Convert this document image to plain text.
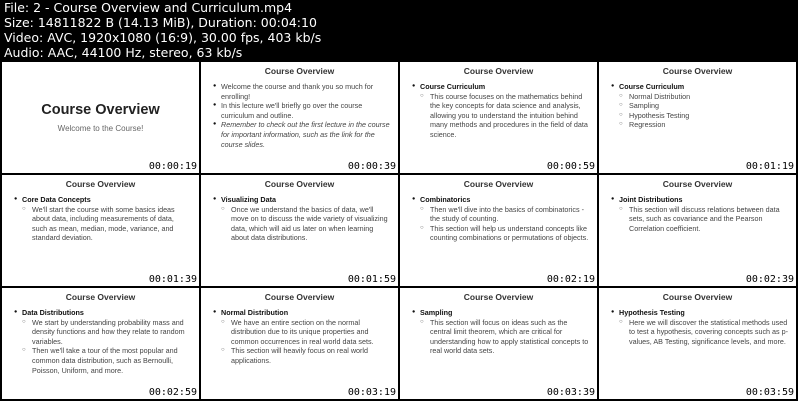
File: 2 - Course Overview and Curriculum.mp4
Size: 14811822 B (14.13 MiB), Duration: 00:04:10
Video: AVC, 1920x1080 (16:9), 30.00 fps, 403 kb/s
Audio: AAC, 44100 Hz, stereo, 63 kb/s
Course Overview
Welcome to the Course!
00:00:19
Course Overview
● Welcome the course and thank you so much for enrolling!
● In this lecture we'll briefly go over the course curriculum and outline.
● Remember to check out the first lecture in the course for important information, such as the link for the course slides.
00:00:39
Course Overview
● Course Curriculum
○ This course focuses on the mathematics behind the key concepts for data science and analysis, allowing you to understand the intuition behind many methods and procedures in the field of data science.
00:00:59
Course Overview
● Course Curriculum
○ Normal Distribution
○ Sampling
○ Hypothesis Testing
○ Regression
00:01:19
Course Overview
● Core Data Concepts
○ We'll start the course with some basics ideas about data, including measurements of data, such as mean, median, mode, variance, and standard deviation.
00:01:39
Course Overview
● Visualizing Data
○ Once we understand the basics of data, we'll move on to discuss the wide variety of visualizing data, which will aid us later on when learning about data distributions.
00:01:59
Course Overview
● Combinatorics
○ Then we'll dive into the basics of combinatorics - the study of counting.
○ This section will help us understand concepts like counting combinations or permutations of objects.
00:02:19
Course Overview
● Joint Distributions
○ This section will discuss relations between data sets, such as covariance and the Pearson Correlation coefficient.
00:02:39
Course Overview
● Data Distributions
○ We start by understanding probability mass and density functions and how they relate to random variables.
○ Then we'll take a tour of the most popular and common data distribution, such as Bernoulli, Poisson, Uniform, and more.
00:02:59
Course Overview
● Normal Distribution
○ We have an entire section on the normal distribution due to its unique properties and common occurrences in real world data sets.
○ This section will heavily focus on real world applications.
00:03:19
Course Overview
● Sampling
○ This section will focus on ideas such as the central limit theorem, which are critical for understanding how to apply statistical concepts to real world data sets.
00:03:39
Course Overview
● Hypothesis Testing
○ Here we will discover the statistical methods used to test a hypothesis, covering concepts such as p-values, AB Testing, significance levels, and more.
00:03:59
